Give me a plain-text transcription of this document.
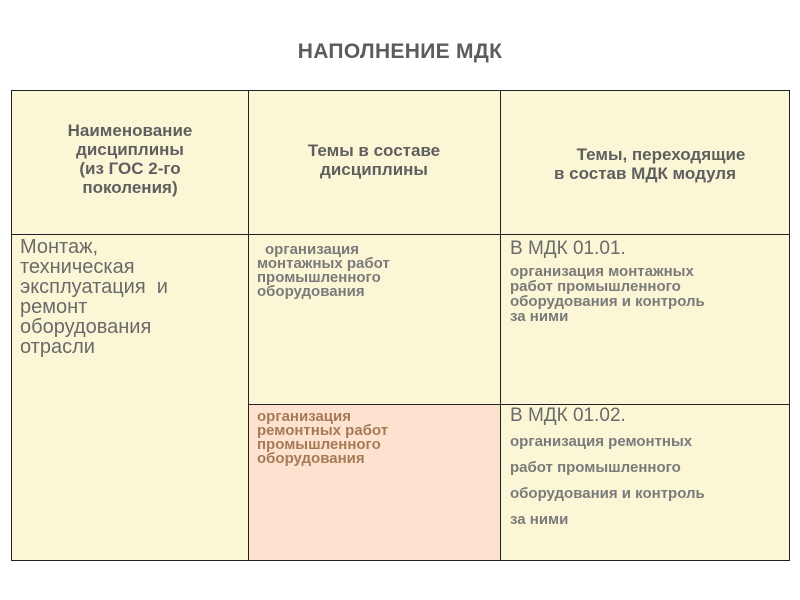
НАПОЛНЕНИЕ МДК
Наименование
дисциплины
(из ГОС 2-го
поколения)
Темы в составе
дисциплины
Темы, переходящие
в состав МДК модуля
Монтаж,
техническая
эксплуатация  и
ремонт
оборудования
отрасли
организация
монтажных работ
промышленного
оборудования
В МДК 01.01.
организация монтажных
работ промышленного
оборудования и контроль
за ними
организация
ремонтных работ
промышленного
оборудования
В МДК 01.02.
организация ремонтных
работ промышленного
оборудования и контроль
за ними
